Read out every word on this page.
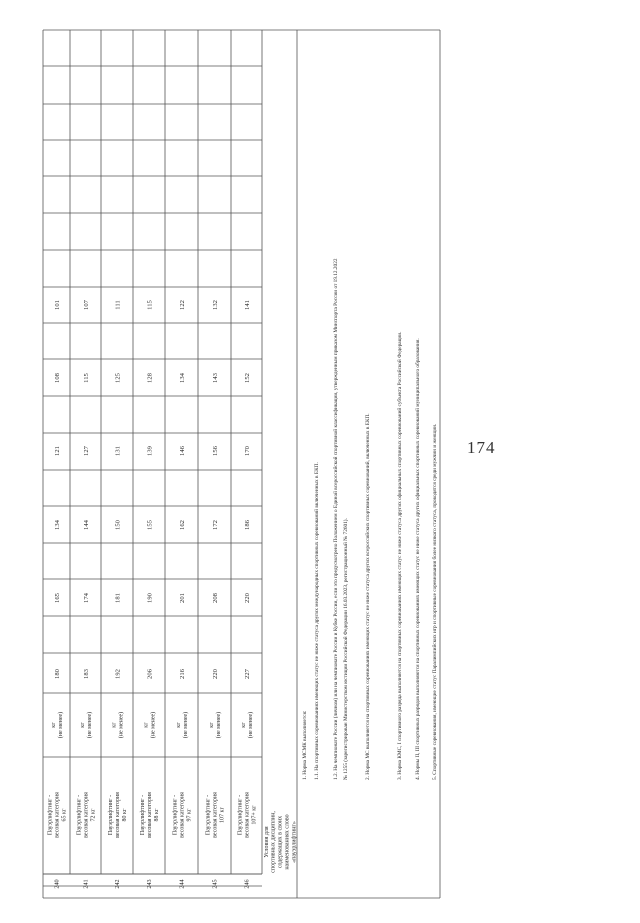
174
240
Пауэрлифтинг -весовая категория65 кг
кг(не менее)
180
165
134
121
108
101
241
Пауэрлифтинг -весовая категория72 кг
кг(не менее)
183
174
144
127
115
107
242
Пауэрлифтинг -весовая категория80 кг
кг(не менее)
192
181
150
131
125
111
243
Пауэрлифтинг -весовая категория88 кг
кг(не менее)
206
190
155
139
128
115
244
Пауэрлифтинг -весовая категория97 кг
кг(не менее)
216
201
162
146
134
122
245
Пауэрлифтинг -весовая категория107 кг
кг(не менее)
220
208
172
156
143
132
246
Пауэрлифтинг -весовая категория107+ кг
кг(не менее)
227
220
186
170
152
141
Условия дляспортивных дисциплин,содержащих в своихнаименованиях слово«пауэрлифтинг»
1. Норма МСМК выполняется: 1.1. На спортивных соревнованиях имеющих статус не ниже статуса других международных спортивных соревнований включенных в ЕКП. 1.2. На чемпионате России (личном) или на чемпионате России и Кубке России, если это предусмотрено Положением о Единой всероссийской спортивной классификации, утвержденным приказом Минспорта России от 19.12.2022 № 1255 (зарегистрирован Министерством юстиции Российской Федерации 16.03.2023, регистрационный № 72601).	2. Норма МС выполняется на спортивных соревнованиях имеющих статус не ниже статуса других всероссийских спортивных соревнований, включенных в ЕКП.	3. Норма КМС, I спортивного разряда выполняется на спортивных соревнованиях имеющих статус не ниже статуса других официальных спортивных соревнований субъекта Российской Федерации. 4. Нормы II, III спортивных разрядов выполняются на спортивных соревнованиях имеющих статус не ниже статуса других официальных спортивных соревнований муниципального образования. 5. Спортивные соревнования, имеющие статус Паралимпийских игр и спортивные соревнования более низкого статуса, проводятся среди мужчин и женщин.
